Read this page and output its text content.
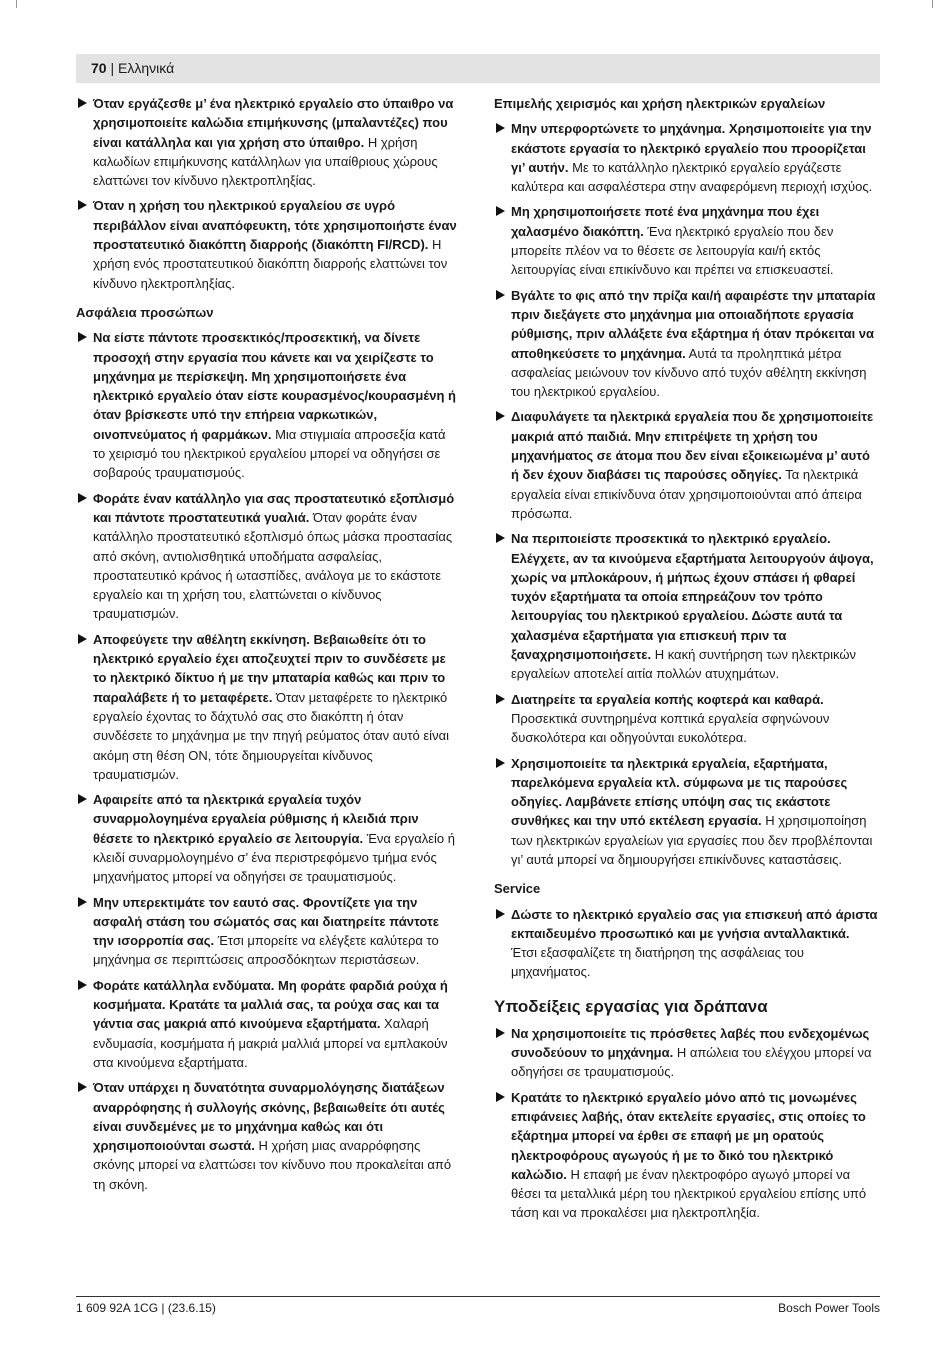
70 | Ελληνικά
Όταν εργάζεσθε μ’ ένα ηλεκτρικό εργαλείο στο ύπαιθρο να χρησιμοποιείτε καλώδια επιμήκυνσης (μπαλαντέζες) που είναι κατάλληλα και για χρήση στο ύπαιθρο. Η χρήση καλωδίων επιμήκυνσης κατάλληλων για υπαίθριους χώρους ελαττώνει τον κίνδυνο ηλεκτροπληξίας.
Όταν η χρήση του ηλεκτρικού εργαλείου σε υγρό περιβάλλον είναι αναπόφευκτη, τότε χρησιμοποιήστε έναν προστατευτικό διακόπτη διαρροής (διακόπτη FI/RCD). Η χρήση ενός προστατευτικού διακόπτη διαρροής ελαττώνει τον κίνδυνο ηλεκτροπληξίας.
Ασφάλεια προσώπων
Να είστε πάντοτε προσεκτικός/προσεκτική, να δίνετε προσοχή στην εργασία που κάνετε και να χειρίζεστε το μηχάνημα με περίσκεψη. Μη χρησιμοποιήσετε ένα ηλεκτρικό εργαλείο όταν είστε κουρασμένος/κουρασμένη ή όταν βρίσκεστε υπό την επήρεια ναρκωτικών, οινοπνεύματος ή φαρμάκων. Μια στιγμιαία απροσεξία κατά το χειρισμό του ηλεκτρικού εργαλείου μπορεί να οδηγήσει σε σοβαρούς τραυματισμούς.
Φοράτε έναν κατάλληλο για σας προστατευτικό εξοπλισμό και πάντοτε προστατευτικά γυαλιά. Όταν φοράτε έναν κατάλληλο προστατευτικό εξοπλισμό όπως μάσκα προστασίας από σκόνη, αντιολισθητικά υποδήματα ασφαλείας, προστατευτικό κράνος ή ωτασπίδες, ανάλογα με το εκάστοτε εργαλείο και τη χρήση του, ελαττώνεται ο κίνδυνος τραυματισμών.
Αποφεύγετε την αθέλητη εκκίνηση. Βεβαιωθείτε ότι το ηλεκτρικό εργαλείο έχει αποζευχτεί πριν το συνδέσετε με το ηλεκτρικό δίκτυο ή με την μπαταρία καθώς και πριν το παραλάβετε ή το μεταφέρετε. Όταν μεταφέρετε το ηλεκτρικό εργαλείο έχοντας το δάχτυλό σας στο διακόπτη ή όταν συνδέσετε το μηχάνημα με την πηγή ρεύματος όταν αυτό είναι ακόμη στη θέση ON, τότε δημιουργείται κίνδυνος τραυματισμών.
Αφαιρείτε από τα ηλεκτρικά εργαλεία τυχόν συναρμολογημένα εργαλεία ρύθμισης ή κλειδιά πριν θέσετε το ηλεκτρικό εργαλείο σε λειτουργία. Ένα εργαλείο ή κλειδί συναρμολογημένο σ’ ένα περιστρεφόμενο τμήμα ενός μηχανήματος μπορεί να οδηγήσει σε τραυματισμούς.
Μην υπερεκτιμάτε τον εαυτό σας. Φροντίζετε για την ασφαλή στάση του σώματός σας και διατηρείτε πάντοτε την ισορροπία σας. Έτσι μπορείτε να ελέγξετε καλύτερα το μηχάνημα σε περιπτώσεις απροσδόκητων περιστάσεων.
Φοράτε κατάλληλα ενδύματα. Μη φοράτε φαρδιά ρούχα ή κοσμήματα. Κρατάτε τα μαλλιά σας, τα ρούχα σας και τα γάντια σας μακριά από κινούμενα εξαρτήματα. Χαλαρή ενδυμασία, κοσμήματα ή μακριά μαλλιά μπορεί να εμπλακούν στα κινούμενα εξαρτήματα.
Όταν υπάρχει η δυνατότητα συναρμολόγησης διατάξεων αναρρόφησης ή συλλογής σκόνης, βεβαιωθείτε ότι αυτές είναι συνδεμένες με το μηχάνημα καθώς και ότι χρησιμοποιούνται σωστά. Η χρήση μιας αναρρόφησης σκόνης μπορεί να ελαττώσει τον κίνδυνο που προκαλείται από τη σκόνη.
Επιμελής χειρισμός και χρήση ηλεκτρικών εργαλείων
Μην υπερφορτώνετε το μηχάνημα. Χρησιμοποιείτε για την εκάστοτε εργασία το ηλεκτρικό εργαλείο που προορίζεται γι’ αυτήν. Με το κατάλληλο ηλεκτρικό εργαλείο εργάζεστε καλύτερα και ασφαλέστερα στην αναφερόμενη περιοχή ισχύος.
Μη χρησιμοποιήσετε ποτέ ένα μηχάνημα που έχει χαλασμένο διακόπτη. Ένα ηλεκτρικό εργαλείο που δεν μπορείτε πλέον να το θέσετε σε λειτουργία και/ή εκτός λειτουργίας είναι επικίνδυνο και πρέπει να επισκευαστεί.
Βγάλτε το φις από την πρίζα και/ή αφαιρέστε την μπαταρία πριν διεξάγετε στο μηχάνημα μια οποιαδήποτε εργασία ρύθμισης, πριν αλλάξετε ένα εξάρτημα ή όταν πρόκειται να αποθηκεύσετε το μηχάνημα. Αυτά τα προληπτικά μέτρα ασφαλείας μειώνουν τον κίνδυνο από τυχόν αθέλητη εκκίνηση του ηλεκτρικού εργαλείου.
Διαφυλάγετε τα ηλεκτρικά εργαλεία που δε χρησιμοποιείτε μακριά από παιδιά. Μην επιτρέψετε τη χρήση του μηχανήματος σε άτομα που δεν είναι εξοικειωμένα μ’ αυτό ή δεν έχουν διαβάσει τις παρούσες οδηγίες. Τα ηλεκτρικά εργαλεία είναι επικίνδυνα όταν χρησιμοποιούνται από άπειρα πρόσωπα.
Να περιποιείστε προσεκτικά το ηλεκτρικό εργαλείο. Ελέγχετε, αν τα κινούμενα εξαρτήματα λειτουργούν άψογα, χωρίς να μπλοκάρουν, ή μήπως έχουν σπάσει ή φθαρεί τυχόν εξαρτήματα τα οποία επηρεάζουν τον τρόπο λειτουργίας του ηλεκτρικού εργαλείου. Δώστε αυτά τα χαλασμένα εξαρτήματα για επισκευή πριν τα ξαναχρησιμοποιήσετε. Η κακή συντήρηση των ηλεκτρικών εργαλείων αποτελεί αιτία πολλών ατυχημάτων.
Διατηρείτε τα εργαλεία κοπής κοφτερά και καθαρά. Προσεκτικά συντηρημένα κοπτικά εργαλεία σφηνώνουν δυσκολότερα και οδηγούνται ευκολότερα.
Χρησιμοποιείτε τα ηλεκτρικά εργαλεία, εξαρτήματα, παρελκόμενα εργαλεία κτλ. σύμφωνα με τις παρούσες οδηγίες. Λαμβάνετε επίσης υπόψη σας τις εκάστοτε συνθήκες και την υπό εκτέλεση εργασία. Η χρησιμοποίηση των ηλεκτρικών εργαλείων για εργασίες που δεν προβλέπονται γι’ αυτά μπορεί να δημιουργήσει επικίνδυνες καταστάσεις.
Service
Δώστε το ηλεκτρικό εργαλείο σας για επισκευή από άριστα εκπαιδευμένο προσωπικό και με γνήσια ανταλλακτικά. Έτσι εξασφαλίζετε τη διατήρηση της ασφάλειας του μηχανήματος.
Υποδείξεις εργασίας για δράπανα
Να χρησιμοποιείτε τις πρόσθετες λαβές που ενδεχομένως συνοδεύουν το μηχάνημα. Η απώλεια του ελέγχου μπορεί να οδηγήσει σε τραυματισμούς.
Κρατάτε το ηλεκτρικό εργαλείο μόνο από τις μονωμένες επιφάνειες λαβής, όταν εκτελείτε εργασίες, στις οποίες το εξάρτημα μπορεί να έρθει σε επαφή με μη ορατούς ηλεκτροφόρους αγωγούς ή με το δικό του ηλεκτρικό καλώδιο. Η επαφή με έναν ηλεκτροφόρο αγωγό μπορεί να θέσει τα μεταλλικά μέρη του ηλεκτρικού εργαλείου επίσης υπό τάση και να προκαλέσει μια ηλεκτροπληξία.
1 609 92A 1CG | (23.6.15)	Bosch Power Tools
